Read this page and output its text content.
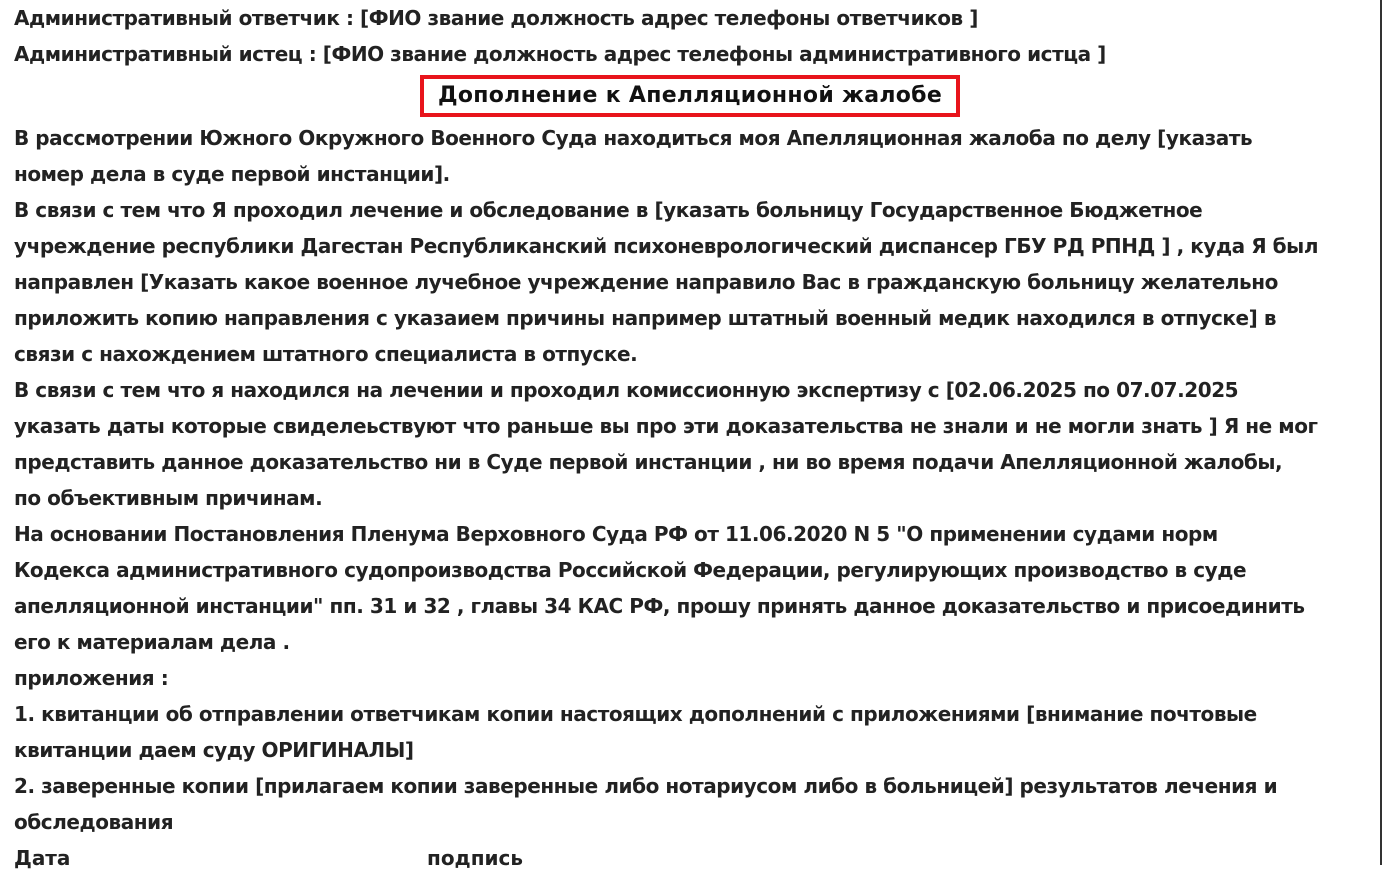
Административный ответчик : [ФИО звание должность адрес телефоны ответчиков ]
Административный истец : [ФИО звание должность адрес телефоны административного истца ]
Дополнение к Апелляционной жалобе
В рассмотрении Южного Окружного Военного Суда находиться моя Апелляционная жалоба по делу [указать
номер дела в суде первой инстанции].
В связи с тем что Я проходил лечение и обследование в [указать больницу Государственное Бюджетное
учреждение республики Дагестан Республиканский психоневрологический диспансер ГБУ РД РПНД ] , куда Я был
направлен [Указать какое военное лучебное учреждение направило Вас в гражданскую больницу желательно
приложить копию направления с указаием причины например штатный военный медик находился в отпуске] в
связи с нахождением штатного специалиста в отпуске.
В связи с тем что я находился на лечении и проходил комиссионную экспертизу с [02.06.2025 по 07.07.2025
указать даты которые свиделеьствуют что раньше вы про эти доказательства не знали и не могли знать ] Я не мог
представить данное доказательство ни в Суде первой инстанции , ни во время подачи Апелляционной жалобы,
по объективным причинам.
На основании Постановления Пленума Верховного Суда РФ от 11.06.2020 N 5 "О применении судами норм
Кодекса административного судопроизводства Российской Федерации, регулирующих производство в суде
апелляционной инстанции" пп. 31 и 32 , главы 34 КАС РФ, прошу принять данное доказательство и присоединить
его к материалам дела .
приложения :
1. квитанции об отправлении ответчикам копии настоящих дополнений с приложениями [внимание почтовые
квитанции даем суду ОРИГИНАЛЫ]
2. заверенные копии [прилагаем копии заверенные либо нотариусом либо в больницей] результатов лечения и
обследования
Дата	подпись
